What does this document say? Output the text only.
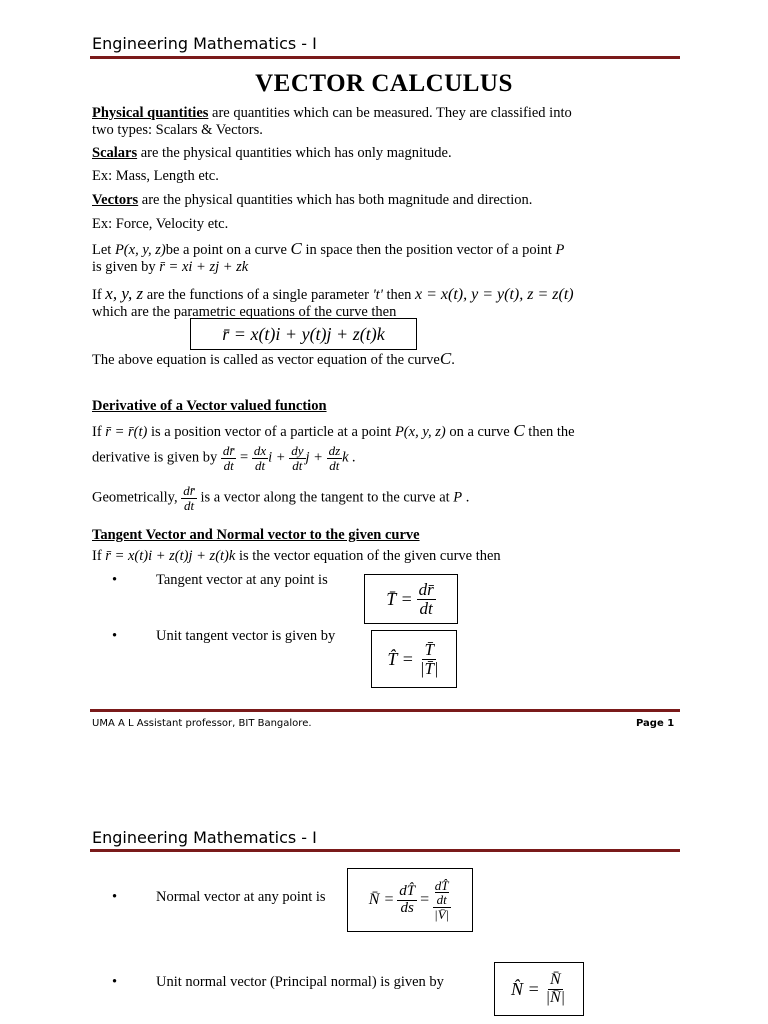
Engineering Mathematics - I
VECTOR CALCULUS
Physical quantities are quantities which can be measured. They are classified into
two types: Scalars & Vectors.
Scalars are the physical quantities which has only magnitude.
Ex: Mass, Length etc.
Vectors are the physical quantities which has both magnitude and direction.
Ex: Force, Velocity etc.
Let P(x, y, z)be a point on a curve C in space then the position vector of a point P
is given by r̄ = xi + zj + zk
If x, y, z are the functions of a single parameter 't' then x = x(t), y = y(t), z = z(t)
which are the parametric equations of the curve then
r̄ = x(t)i + y(t)j + z(t)k
The above equation is called as vector equation of the curveC.
Derivative of a Vector valued function
If r̄ = r̄(t) is a position vector of a particle at a point P(x, y, z) on a curve C then the
derivative is given by $\frac{dr̄}{dt} = \frac{dx}{dt}$ $i + \frac{dy}{dt}$ $j + \frac{dz}{dt}$ k .
Geometrically, $\frac{dr̄}{dt}$ is a vector along the tangent to the curve at P .
Tangent Vector and Normal vector to the given curve
If r̄ = x(t)i + z(t)j + z(t)k is the vector equation of the given curve then
•	Tangent vector at any point is
T̄ = $\frac{dr̄}{dt}$
•	Unit tangent vector is given by
T̂ = $\frac{T̄}{|T̄|}$
UMA A L Assistant professor, BIT Bangalore.	Page 1
Engineering Mathematics - I
•	Normal vector at any point is	N̄ = $\frac{dT̂}{ds} = \frac{\frac{dT̂}{dt}}{|V̄|}$
•	Unit normal vector (Principal normal) is given by	N̂ = $\frac{N̄}{|N̄|}$
